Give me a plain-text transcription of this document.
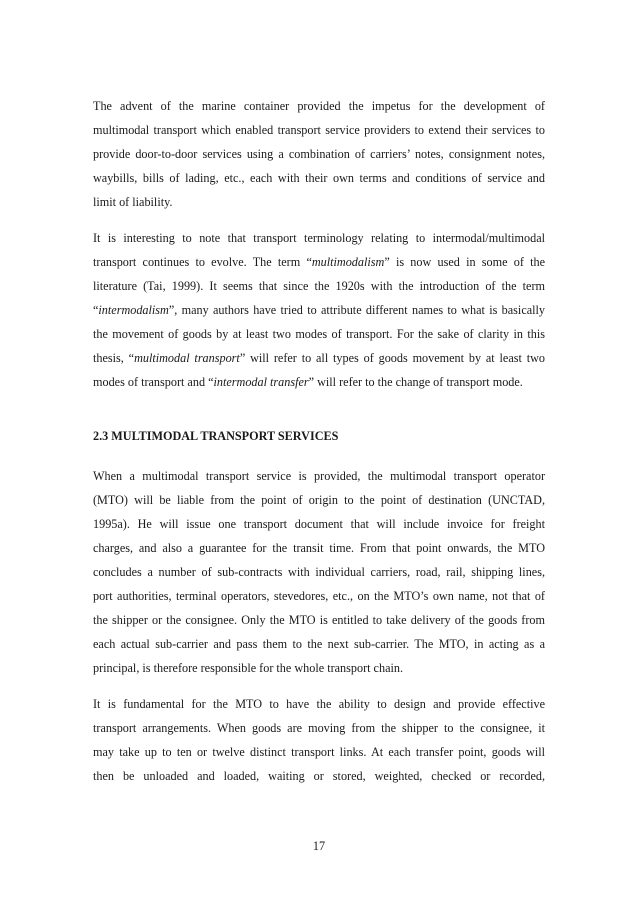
The advent of the marine container provided the impetus for the development of
multimodal transport which enabled transport service providers to extend their services to
provide door-to-door services using a combination of carriers’ notes, consignment notes,
waybills, bills of lading, etc., each with their own terms and conditions of service and
limit of liability.
It is interesting to note that transport terminology relating to intermodal/multimodal
transport continues to evolve. The term “multimodalism” is now used in some of the
literature (Tai, 1999). It seems that since the 1920s with the introduction of the term
“intermodalism”, many authors have tried to attribute different names to what is basically
the movement of goods by at least two modes of transport. For the sake of clarity in this
thesis, “multimodal transport” will refer to all types of goods movement by at least two
modes of transport and “intermodal transfer” will refer to the change of transport mode.
2.3 MULTIMODAL TRANSPORT SERVICES
When a multimodal transport service is provided, the multimodal transport operator
(MTO) will be liable from the point of origin to the point of destination (UNCTAD,
1995a). He will issue one transport document that will include invoice for freight
charges, and also a guarantee for the transit time. From that point onwards, the MTO
concludes a number of sub-contracts with individual carriers, road, rail, shipping lines,
port authorities, terminal operators, stevedores, etc., on the MTO’s own name, not that of
the shipper or the consignee. Only the MTO is entitled to take delivery of the goods from
each actual sub-carrier and pass them to the next sub-carrier. The MTO, in acting as a
principal, is therefore responsible for the whole transport chain.
It is fundamental for the MTO to have the ability to design and provide effective
transport arrangements. When goods are moving from the shipper to the consignee, it
may take up to ten or twelve distinct transport links. At each transfer point, goods will
then be unloaded and loaded, waiting or stored, weighted, checked or recorded,
17
